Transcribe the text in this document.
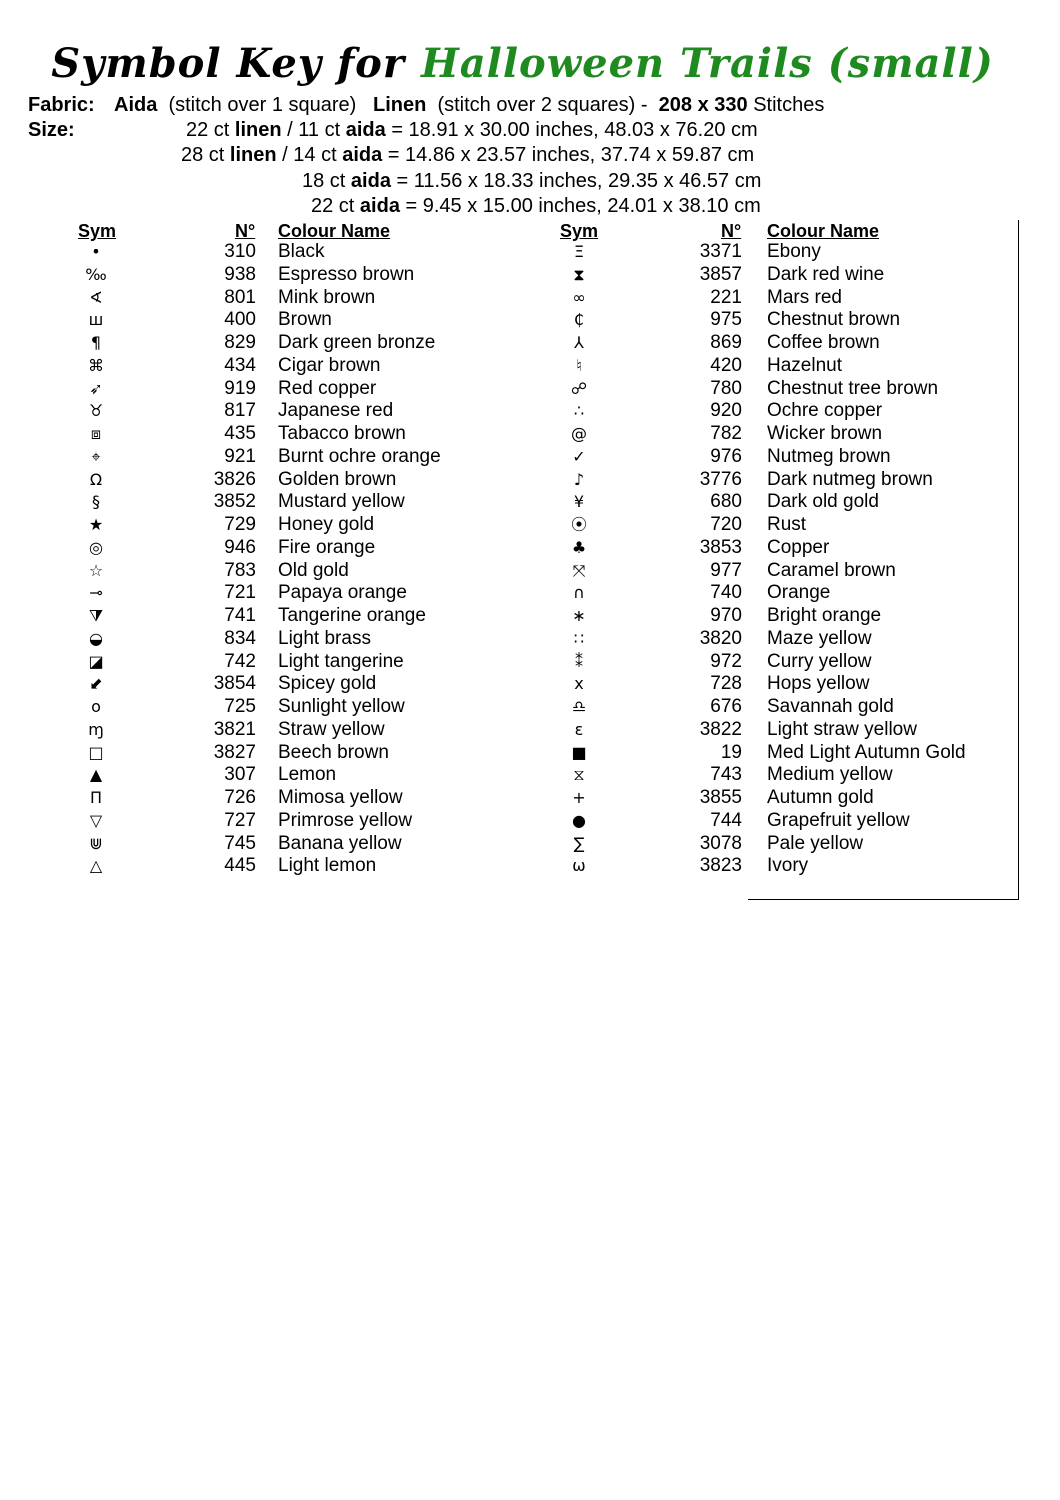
Symbol Key for Halloween Trails (small)
Fabric: Aida (stitch over 1 square) Linen (stitch over 2 squares) - 208 x 330 Stitches
Size:	22 ct linen / 11 ct aida = 18.91 x 30.00 inches, 48.03 x 76.20 cm
28 ct linen / 14 ct aida = 14.86 x 23.57 inches, 37.74 x 59.87 cm
18 ct aida = 11.56 x 18.33 inches, 29.35 x 46.57 cm
22 ct aida = 9.45 x 15.00 inches, 24.01 x 38.10 cm
Sym	N° Colour Name	Sym	N° Colour Name
•	310 Black
‰	938 Espresso brown
∢	801 Mink brown
ш	400 Brown
¶	829 Dark green bronze
⌘	434 Cigar brown
➶	919 Red copper
♉	817 Japanese red
⧈	435 Tabacco brown
⌖	921 Burnt ochre orange
Ω	3826 Golden brown
§	3852 Mustard yellow
★	729 Honey gold
◎	946 Fire orange
☆	783 Old gold
⊸	721 Papaya orange
⧩	741 Tangerine orange
◒	834 Light brass
◪	742 Light tangerine
⬋	3854 Spicey gold
o	725 Sunlight yellow
ɱ	3821 Straw yellow
□	3827 Beech brown
▲	307 Lemon
Π	726 Mimosa yellow
▽	727 Primrose yellow
⋓	745 Banana yellow
△	445 Light lemon
Ξ	3371 Ebony
⧗	3857 Dark red wine
∞	221 Mars red
₵	975 Chestnut brown
⅄	869 Coffee brown
♮	420 Hazelnut
☍	780 Chestnut tree brown
∴	920 Ochre copper
@	782 Wicker brown
✓	976 Nutmeg brown
♪	3776 Dark nutmeg brown
¥	680 Dark old gold
⦿	720 Rust
♣	3853 Copper
⤧	977 Caramel brown
∩	740 Orange
∗	970 Bright orange
∷	3820 Maze yellow
⁑	972 Curry yellow
x	728 Hops yellow
♎	676 Savannah gold
ε	3822 Light straw yellow
■	19 Med Light Autumn Gold
⧖	743 Medium yellow
+	3855 Autumn gold
●	744 Grapefruit yellow
∑	3078 Pale yellow
ω	3823 Ivory
